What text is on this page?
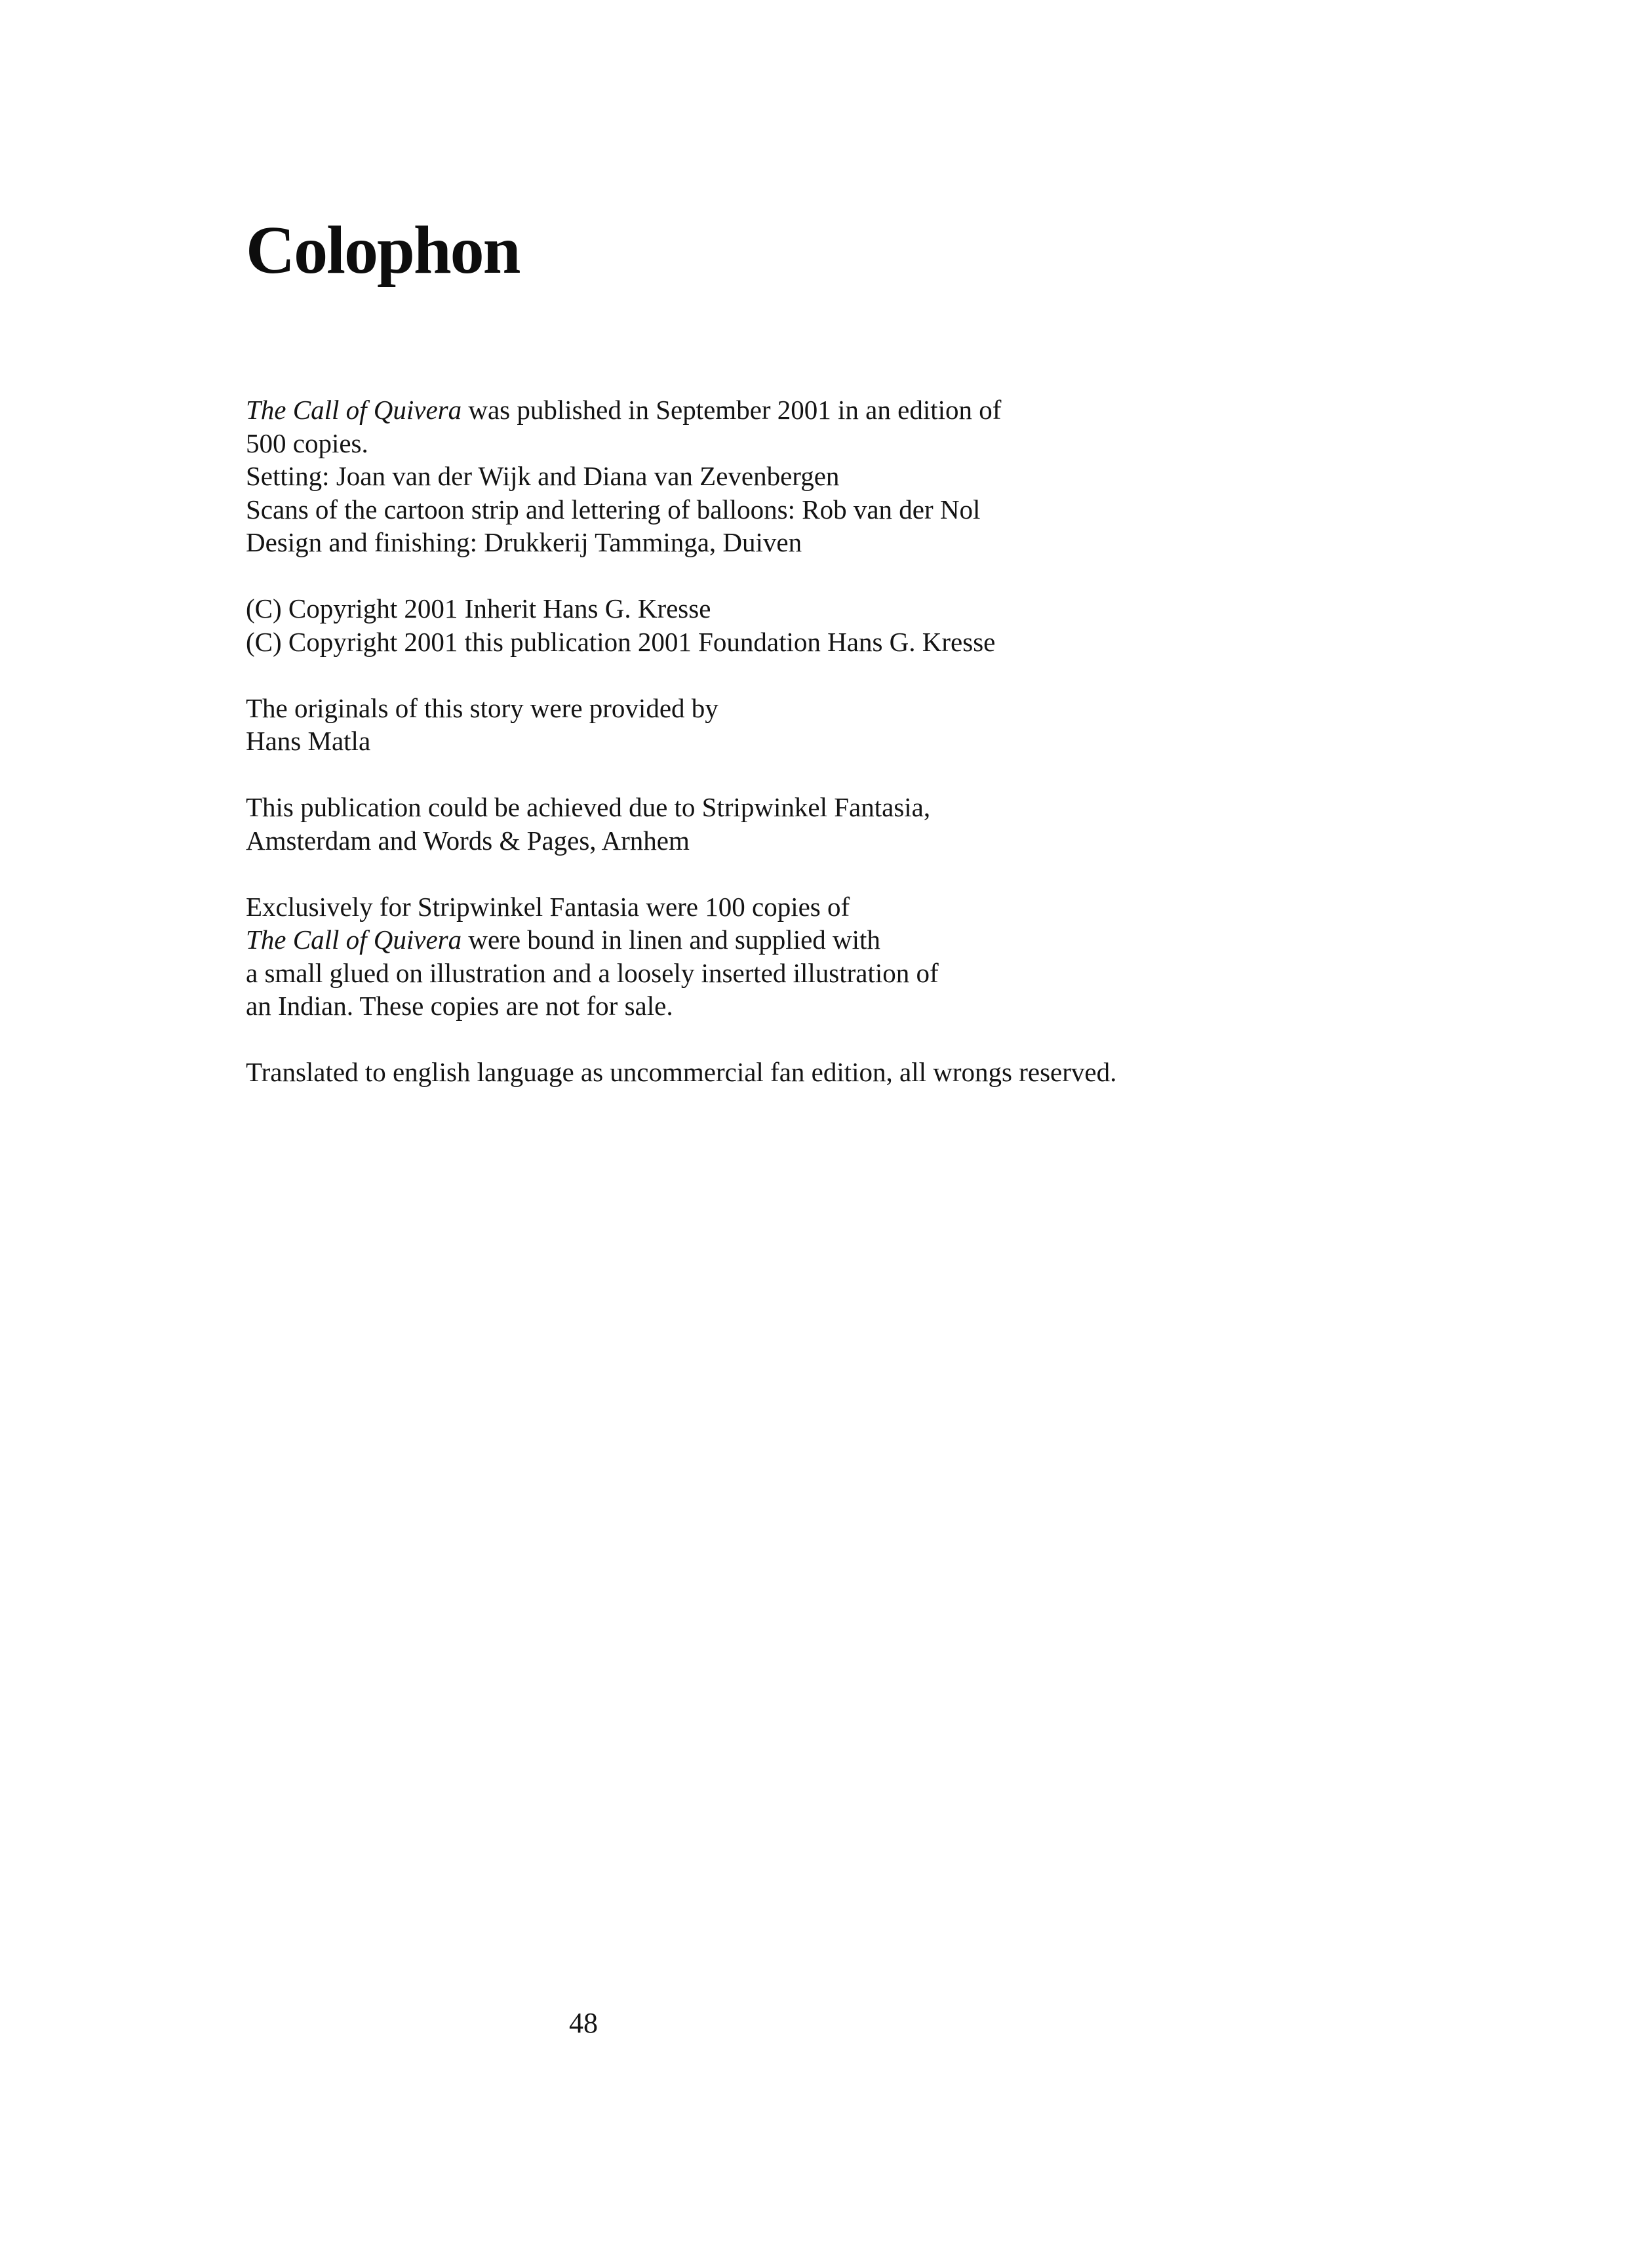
Colophon

The Call of Quivera was published in September 2001 in an edition of
500 copies.
Setting: Joan van der Wijk and Diana van Zevenbergen
Scans of the cartoon strip and lettering of balloons: Rob van der Nol
Design and finishing: Drukkerij Tamminga, Duiven

(C) Copyright 2001 Inherit Hans G. Kresse
(C) Copyright 2001 this publication 2001 Foundation Hans G. Kresse

The originals of this story were provided by
Hans Matla

This publication could be achieved due to Stripwinkel Fantasia,
Amsterdam and Words & Pages, Arnhem

Exclusively for Stripwinkel Fantasia were 100 copies of
The Call of Quivera were bound in linen and supplied with
a small glued on illustration and a loosely inserted illustration of
an Indian. These copies are not for sale.

Translated to english language as uncommercial fan edition, all wrongs reserved.

48
